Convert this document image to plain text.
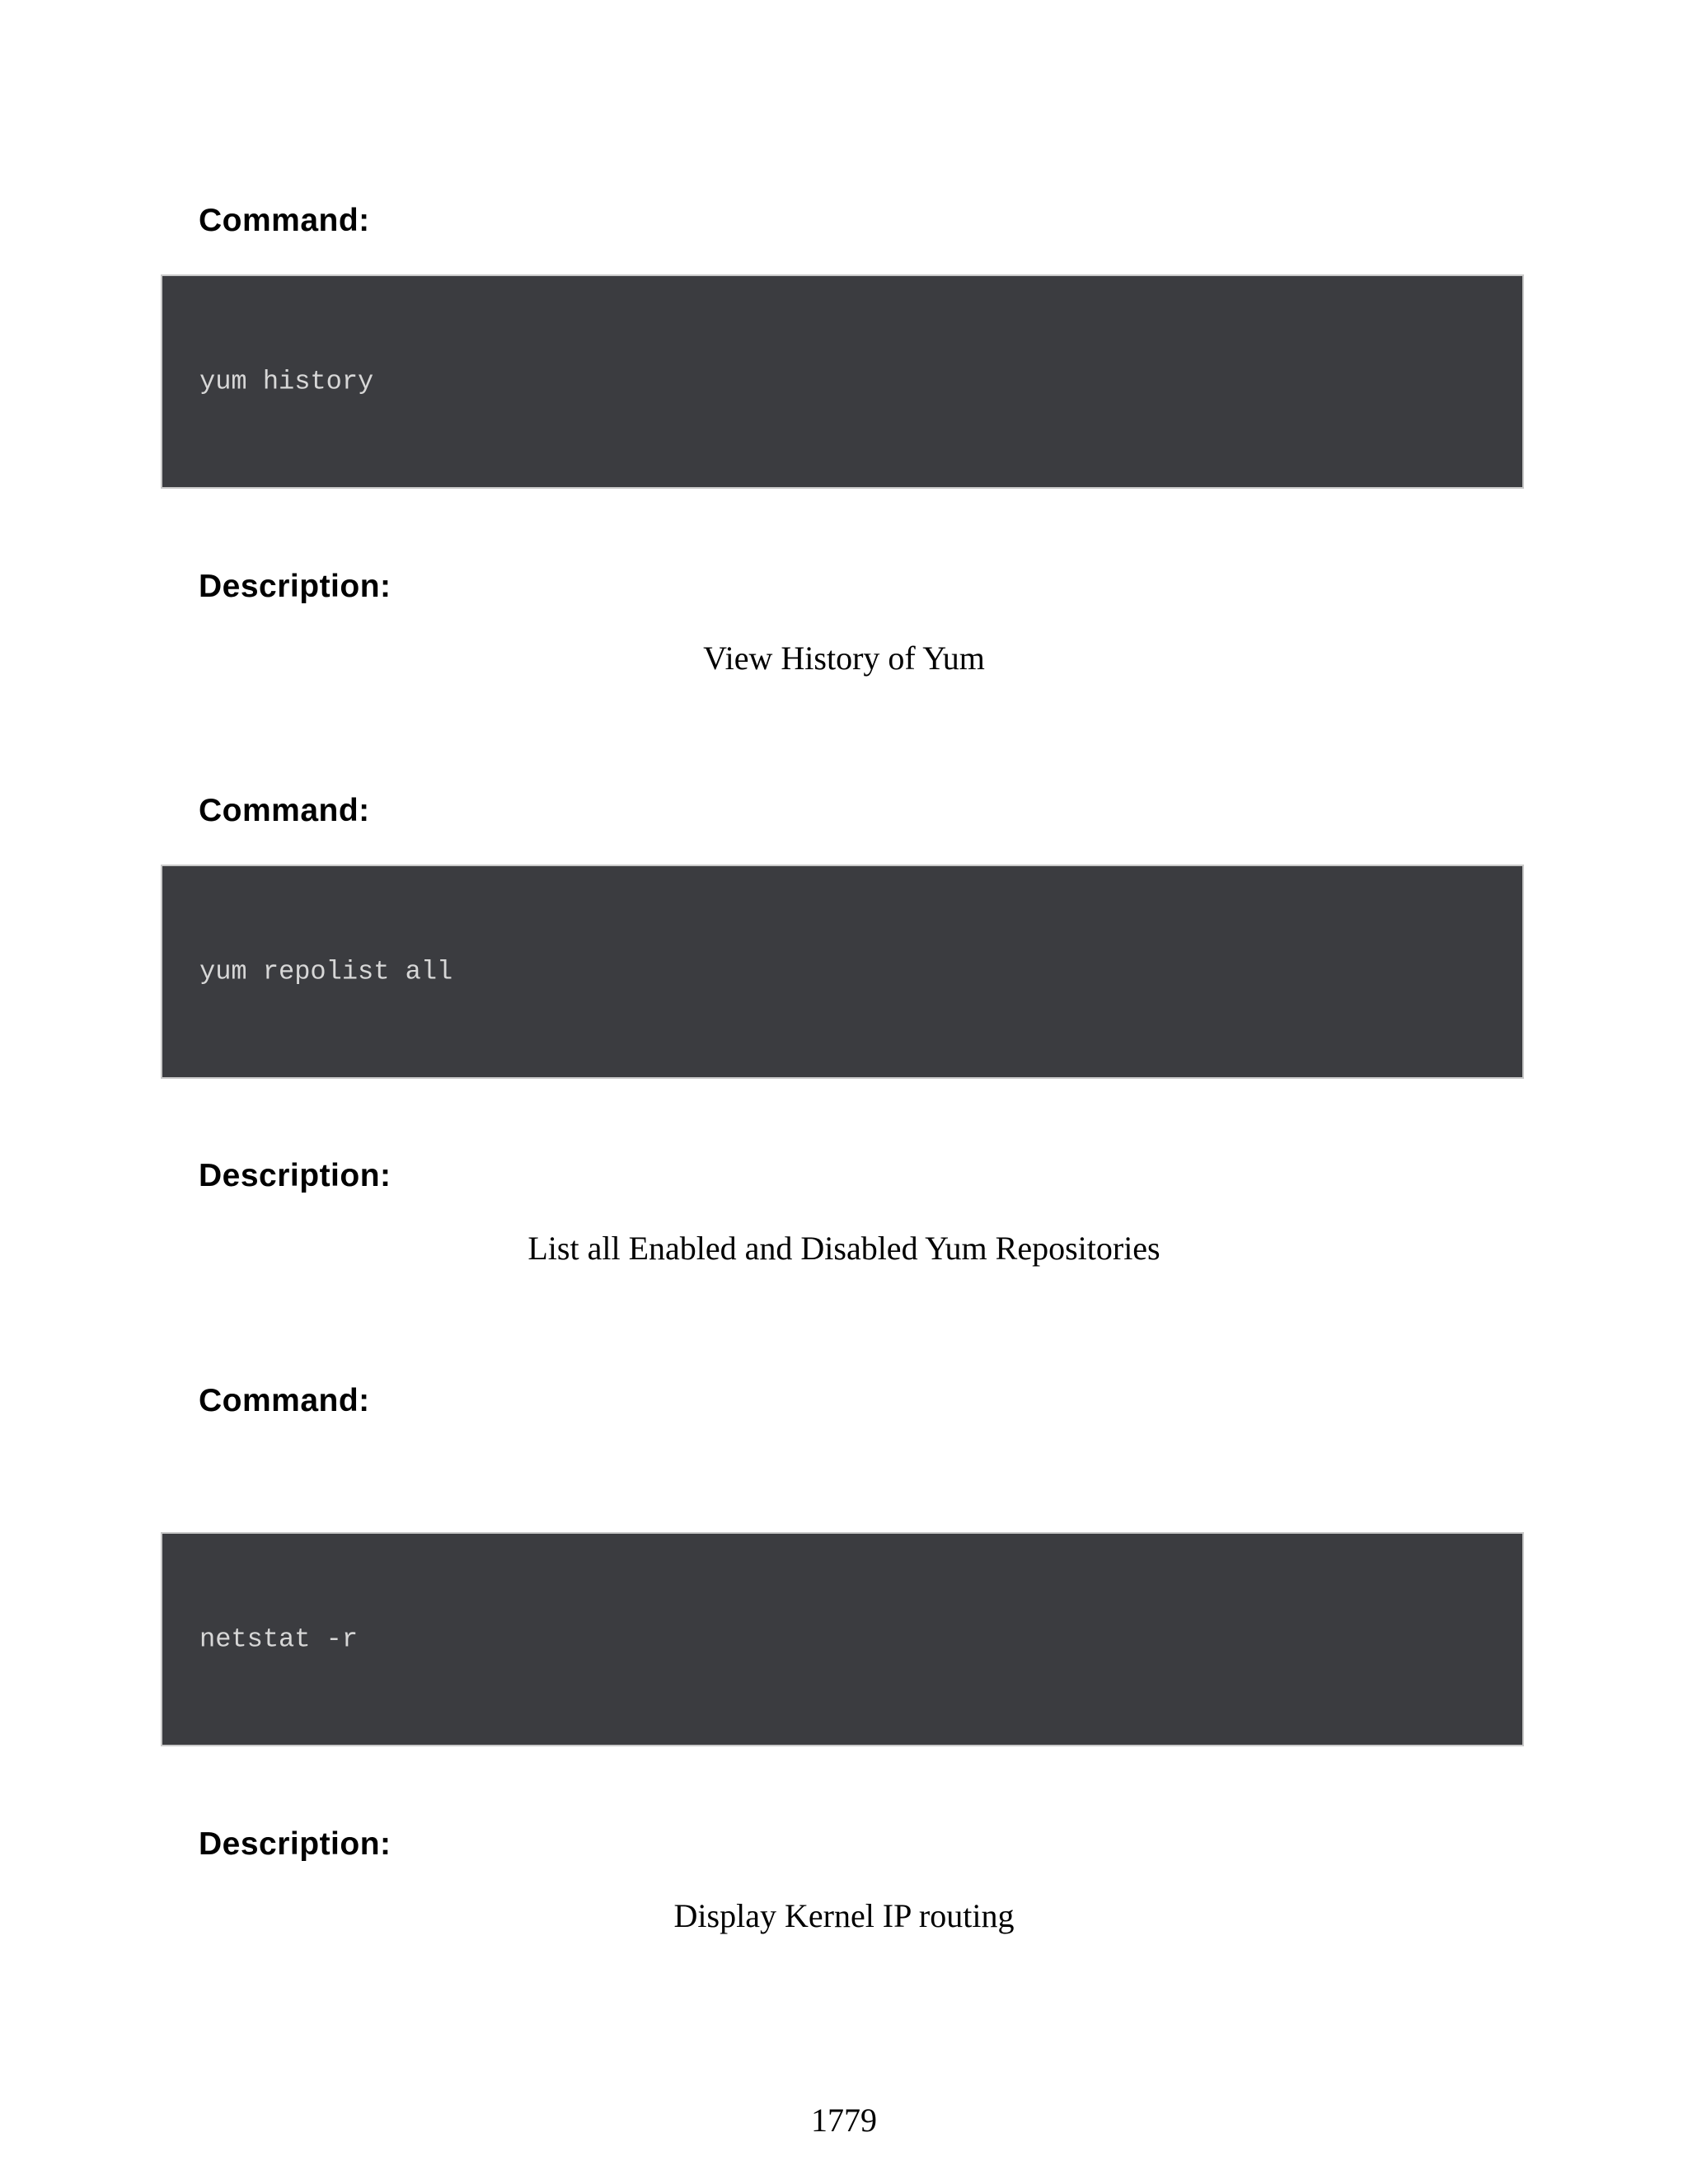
Command:
yum history
Description:
View History of Yum
Command:
yum repolist all
Description:
List all Enabled and Disabled Yum Repositories
Command:
netstat -r
Description:
Display Kernel IP routing
1779
